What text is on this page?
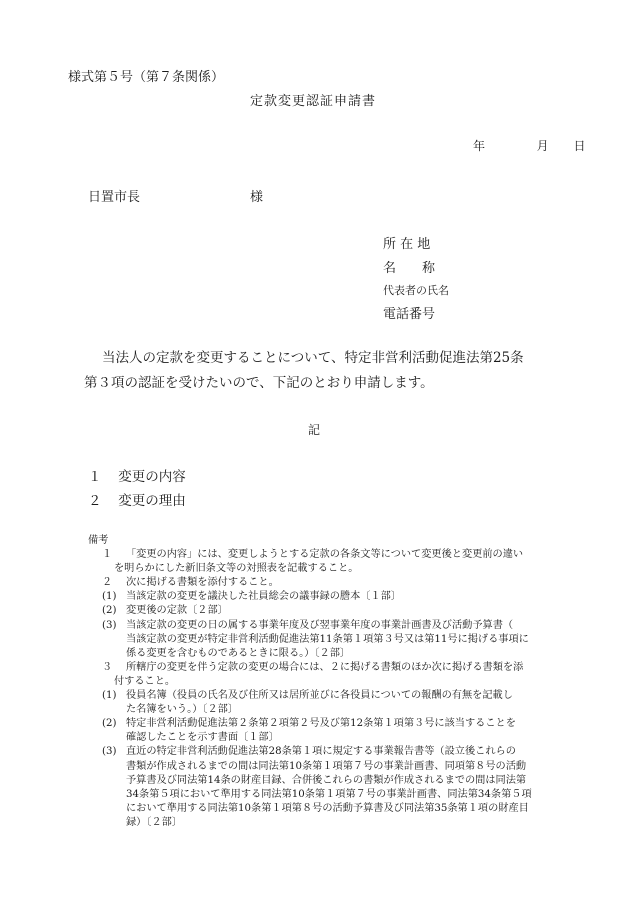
様式第５号（第７条関係）
定款変更認証申請書
年	月 日
日置市長	様
所 在 地
名　　称
代表者の氏名
電話番号

当法人の定款を変更することについて、特定非営利活動促進法第25条

第３項の認証を受けたいので、下記のとおり申請します。

記
１ 変更の内容
２ 変更の理由
備考
１ 「変更の内容」には、変更しようとする定款の各条文等について変更後と変更前の違い
を明らかにした新旧条文等の対照表を記載すること。
２ 次に掲げる書類を添付すること。
(1) 当該定款の変更を議決した社員総会の議事録の謄本〔１部〕
(2) 変更後の定款〔２部〕
(3) 当該定款の変更の日の属する事業年度及び翌事業年度の事業計画書及び活動予算書（
当該定款の変更が特定非営利活動促進法第11条第１項第３号又は第11号に掲げる事項に
係る変更を含むものであるときに限る。）〔２部〕
３ 所轄庁の変更を伴う定款の変更の場合には、２に掲げる書類のほか次に掲げる書類を添
付すること。
(1) 役員名簿（役員の氏名及び住所又は居所並びに各役員についての報酬の有無を記載し
た名簿をいう。）〔２部〕
(2) 特定非営利活動促進法第２条第２項第２号及び第12条第１項第３号に該当することを
確認したことを示す書面〔１部〕
(3) 直近の特定非営利活動促進法第28条第１項に規定する事業報告書等（設立後これらの
書類が作成されるまでの間は同法第10条第１項第７号の事業計画書、同項第８号の活動
予算書及び同法第14条の財産目録、合併後これらの書類が作成されるまでの間は同法第
34条第５項において準用する同法第10条第１項第７号の事業計画書、同法第34条第５項
において準用する同法第10条第１項第８号の活動予算書及び同法第35条第１項の財産目
録）〔２部〕
